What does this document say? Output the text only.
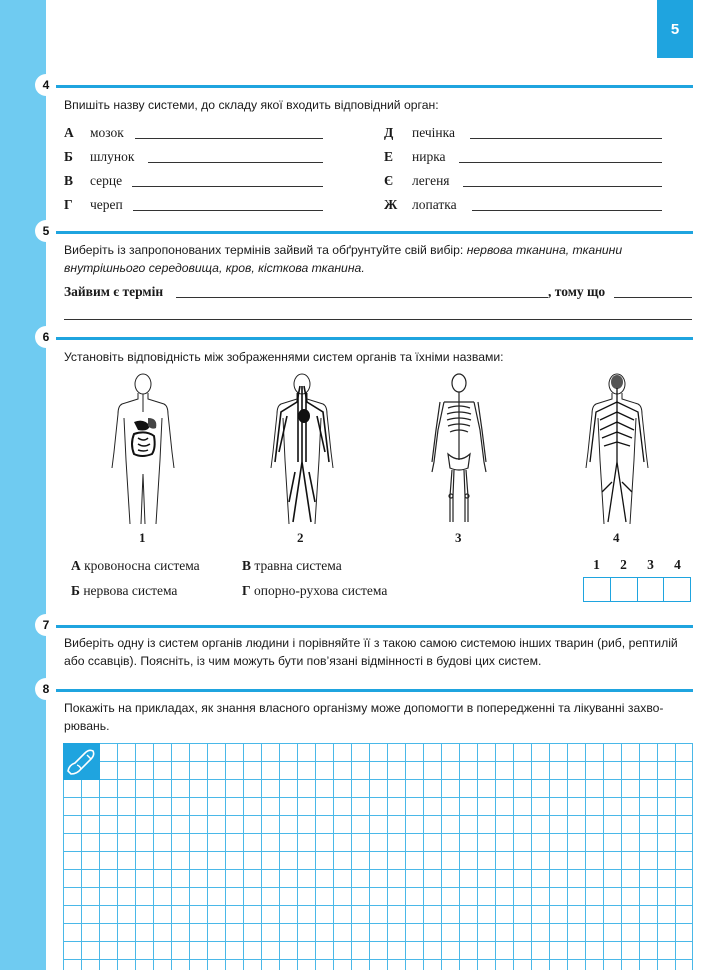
5
4
Впишіть назву системи, до складу якої входить відповідний орган:
А мозок
Б шлунок
В серце
Г череп
Д печінка
Е нирка
Є легеня
Ж лопатка
5
Виберіть із запропонованих термінів зайвий та обґрунтуйте свій вибір: нервова тканина, тканини
внутрішнього середовища, кров, кісткова тканина.
Зайвим є термін	, тому що
6
Установіть відповідність між зображеннями систем органів та їхніми назвами:
1	2	3	4
А кровоносна система
Б нервова система
В травна система
Г опорно-рухова система
1	2	3	4
7
Виберіть одну із систем органів людини і порівняйте її з такою самою системою інших тварин (риб, рептилій
або ссавців). Поясніть, із чим можуть бути пов’язані відмінності в будові цих систем.
8
Покажіть на прикладах, як знання власного організму може допомогти в попередженні та лікуванні захво-
рювань.
